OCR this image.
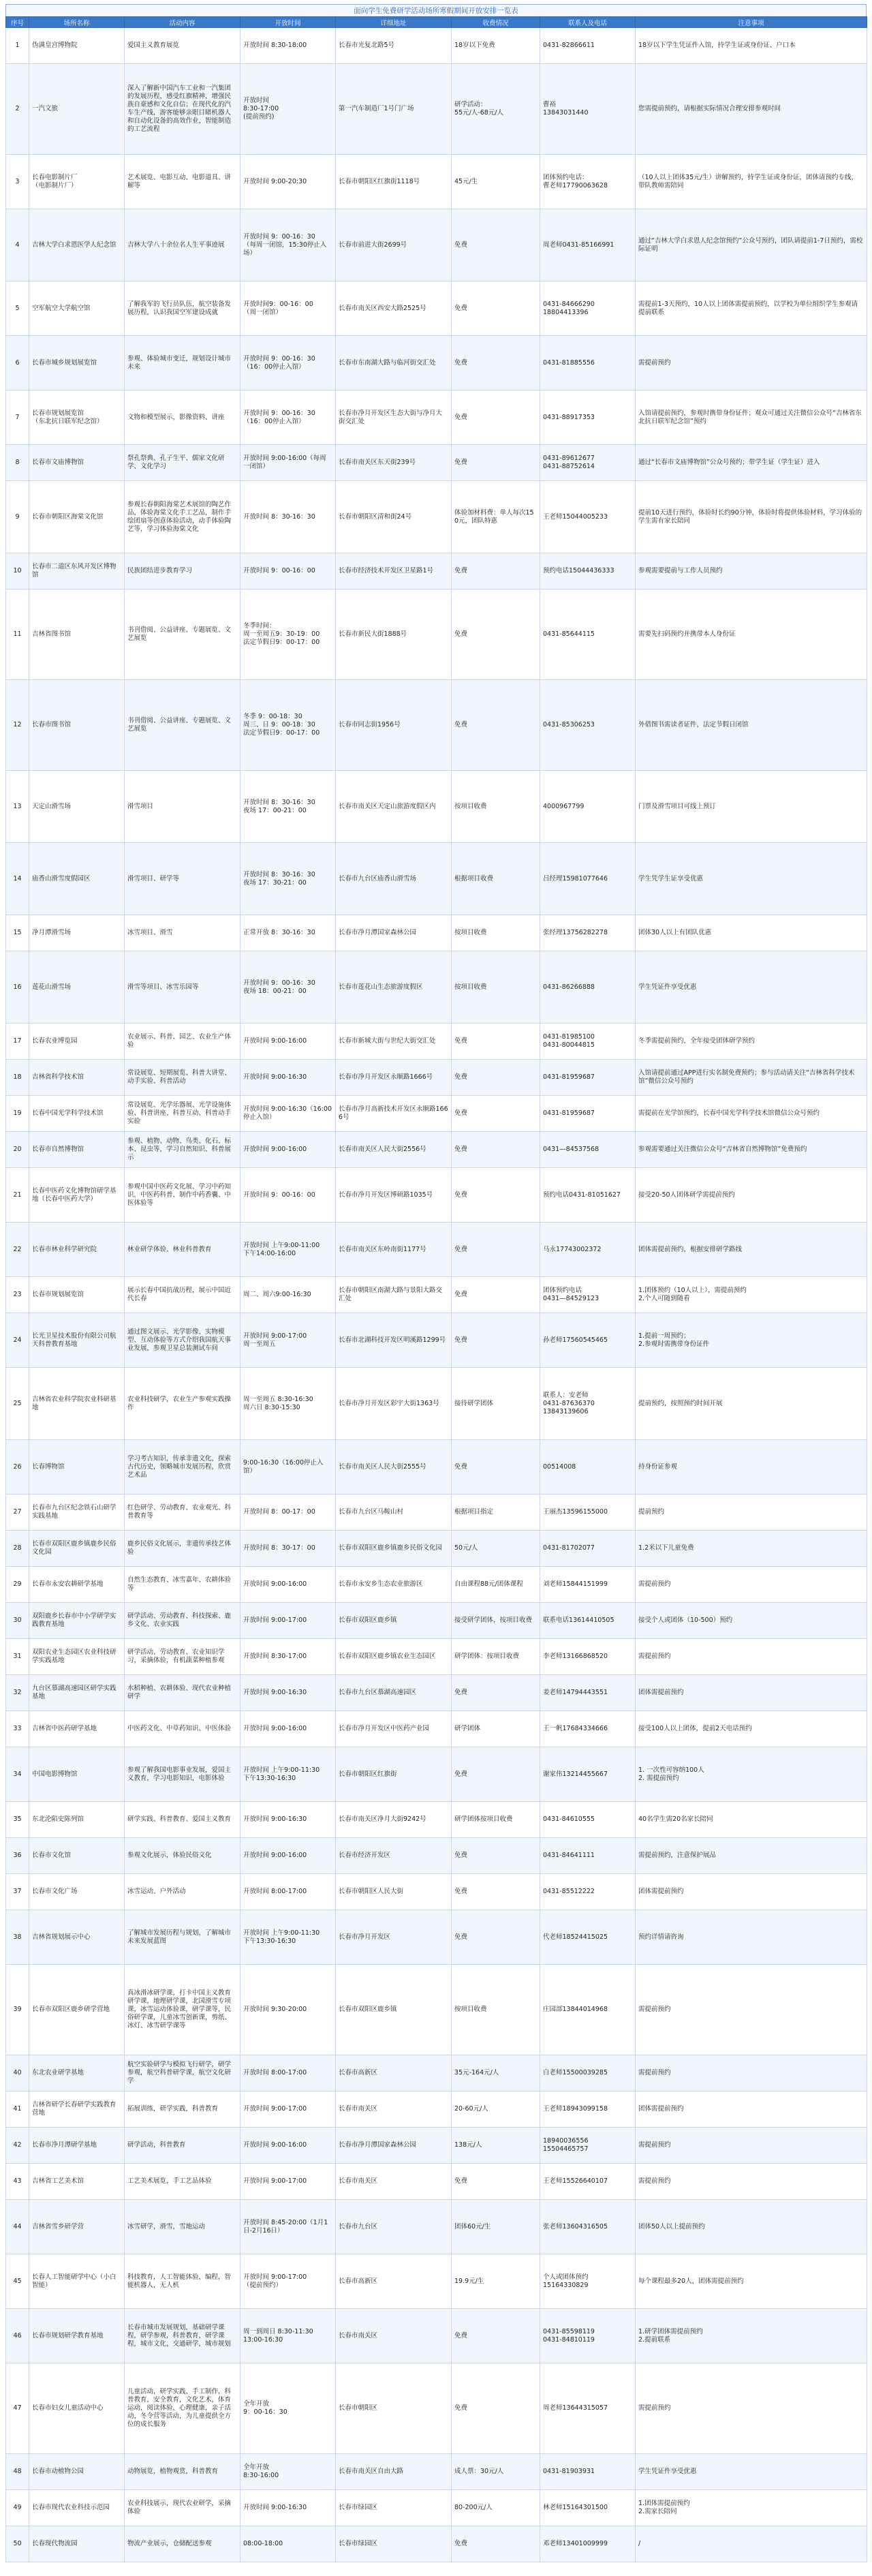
面向学生免费研学活动场所寒假期间开放安排一览表
序号	场所名称	活动内容	开放时间	详细地址	收费情况	联系人及电话	注意事项
1	伪满皇宫博物院	爱国主义教育展览	开放时间 8:30-18:00	长春市光复北路5号	18岁以下免费	0431-82866611	18岁以下学生凭证件入馆，持学生证或身份证、户口本
2	一汽文旅	深入了解新中国汽车工业和一汽集团的发展历程，感受红旗精神，增强民族自豪感和文化自信；在现代化的汽车生产线，游客能够亲眼目睹机器人和自动化设备的高效作业，智能制造的工艺流程	开放时间
8:30-17:00
(提前预约)	第一汽车制造厂1号门广场	研学活动：
55元/人-68元/人	曹裕
13843031440	您需提前预约，请根据实际情况合理安排参观时间
3	长春电影制片厂
（电影制片厂）	艺术展览、电影互动、电影道具、讲解等	开放时间 9:00-20:30	长春市朝阳区红旗街1118号	45元/生	团体预约电话：
曹老师17790063628	（10人以上团体35元/生）讲解预约，持学生证或身份证，团体请预约专线，带队教师需陪同
4	吉林大学白求恩医学人纪念馆	吉林大学八十余位名人生平事迹展	开放时间 9：00-16：30
（每周一闭馆，15:30停止入场）	长春市前进大街2699号	免费	周老师0431-85166991	通过“吉林大学白求恩人纪念馆预约”公众号预约，团队请提前1-7日预约，需校际证明
5	空军航空大学航空馆	了解我军的飞行员队伍，航空装备发展历程，认识我国空军建设成就	开放时间9：00-16：00
（周一闭馆）	长春市南关区西安大路2525号	免费	0431-84666290
18804413396	需提前1-3天预约，10人以上团体需提前预约，以学校为单位组织学生参观请提前联系
6	长春市城乡规划展览馆	参观、体验城市变迁，规划设计城市未来	开放时间 9：00-16：30
（16：00停止入馆）	长春市东南湖大路与临河街交汇处	免费	0431-81885556	需提前预约
7	长春市规划展览馆
（东北抗日联军纪念馆）	文物和模型展示，影像资料、讲座	开放时间 9：00-16：30
（16：00停止入馆）	长春市净月开发区生态大街与净月大街交汇处	免费	0431-88917353	入馆请提前预约，参观时携带身份证件；观众可通过关注微信公众号“吉林省东北抗日联军纪念馆”预约
8	长春市文庙博物馆	祭孔祭典、孔子生平、儒家文化研学、文化学习	开放时间 9:00-16:00（每周一闭馆）	长春市南关区东天街239号	免费	0431-89612677
0431-88752614	通过“长春市文庙博物馆”公众号预约；带学生证（学生证）进入
9	长春市朝阳区海棠文化馆	参观长春朝阳海棠艺术展馆的陶艺作品，体验海棠文化手工艺品，制作手绘团扇等创意体验活动，动手体验陶艺等，学习体验海棠文化	开放时间 8：30-16：30	长春市朝阳区清和街24号	体验加材料费：单人每次150元，团队特惠	王老师15044005233	提前10天进行预约，体验时长约90分钟，体验时将提供体验材料，学习体验的学生需有家长陪同
10	长春市二道区东风开发区博物馆	民族团结进步教育学习	开放时间 9：00-16：00	长春市经济技术开发区卫星路1号	免费	预约电话15044436333	参观需要提前与工作人员预约
11	吉林省图书馆	书刊借阅、公益讲座、专题展览、文艺展览	冬季时间：
周一至周五9：30-19：00
法定节假日9：00-17：00	长春市新民大街1888号	免费	0431-85644115	需要先扫码预约并携带本人身份证
12	长春市图书馆	书刊借阅、公益讲座、专题展览、文艺展览	冬季 9：00-18：30
周三、日 9：00-18：30
法定节假日9：00-17：00	长春市同志街1956号	免费	0431-85306253	外借图书需读者证件，法定节假日闭馆
13	天定山滑雪场	滑雪项目	开放时间 8：30-16：30
夜场 17：00-21：00	长春市南关区天定山旅游度假区内	按项目收费	4000967799	门票及滑雪项目可线上预订
14	庙香山滑雪度假园区	滑雪项目、研学等	开放时间 8：30-16：30
夜场 17：30-21：00	长春市九台区庙香山滑雪场	根据项目收费	吕经理15981077646	学生凭学生证享受优惠
15	净月潭滑雪场	冰雪项目、滑雪	正常开放 8：30-16：30	长春市净月潭国家森林公园	按项目收费	张经理13756282278	团体30人以上有团队优惠
16	莲花山滑雪场	滑雪等项目、冰雪乐园等	开放时间 9：00-16：30
夜场 18：00-21：00	长春市莲花山生态旅游度假区	按项目收费	0431-86266888	学生凭证件享受优惠
17	长春农业博览园	农业展示、科普、园艺、农业生产体验	开放时间 9:00-16:00	长春市新城大街与世纪大街交汇处	免费	0431-81985100
0431-80044815	冬季需提前预约，全年接受团体研学预约
18	吉林省科学技术馆	常设展览、短期展览、科普大讲堂、动手实验、科普活动	开放时间 9:00-16:30	长春市净月开发区永顺路1666号	免费	0431-81959687	入馆请提前通过APP进行实名制免费预约；参与活动请关注“吉林省科学技术馆”微信公众号预约
19	长春中国光学科学技术馆	常设展览、光学乐器展、光学设施体验、科普讲座、科普互动、科普动手实验	开放时间 9:00-16:30（16:00停止入馆）	长春市净月高新技术开发区永顺路1666号	免费	0431-81959687	需提前在光学馆预约，长春中国光学科学技术馆微信公众号预约
20	长春市自然博物馆	参观、植物、动物、鸟类、化石、标本、昆虫等，学习自然知识、科普展示	开放时间 9:00-16:00	长春市南关区人民大街2556号	免费	0431—84537568	参观需要通过关注微信公众号“吉林省自然博物馆”免费预约
21	长春中医药文化博物馆研学基地（长春中医药大学）	参观中国中医药文化展、学习中药知识，中医药科普、制作中药香囊、中医体验等	开放时间 9：00-16：00	长春市净月开发区博硕路1035号	免费	预约电话0431-81051627	接受20-50人团体研学需提前预约
22	长春市林业科学研究院	林业研学体验、林业科普教育	开放时间 上午9:00-11:00
下午14:00-16:00	长春市南关区东岭南街1177号	免费	马永17743002372	团体需提前预约，根据安排研学路线
23	长春市规划展览馆	展示长春中国抗战历程，展示中国近代长春	周二、周六9:00-16:30	长春市朝阳区南湖大路与景阳大路交汇处	免费	团体预约电话
0431—84529123	1.团体预约（10人以上），需提前预约
2.个人可随到随看
24	长光卫星技术股份有限公司航天科普教育基地	通过图文展示、光学影像、实物模型、互动体验等方式介绍我国航天事业发展，参观卫星总装测试车间	开放时间 9:00-17:00
周一至周五	长春市北湖科技开发区明溪路1299号	免费	孙老师17560545465	1.提前一周预约；
2.参观时需携带身份证件
25	吉林省农业科学院农业科研基地	农业科技研学，农业生产参观实践操作	周一至周五 8:30-16:30
周六日 8:30-15:30	长春市净月开发区彩宇大街1363号	接待研学团体	联系人：安老师
0431-87636370
13843139606	提前预约，按照预约时间开展
26	长春博物馆	学习考古知识，传承非遗文化，探索古代历史，领略城市发展历程，欣赏艺术品	9:00-16:30（16:00停止入馆）	长春市南关区人民大街2555号	免费	00514008	持身份证参观
27	长春市九台区纪念铁石山研学实践基地	红色研学、劳动教育、农业观光、科普教育等	开放时间 8：00-17：00	长春市九台区马鞍山村	根据项目指定	王丽杰13596155000	提前预约
28	长春市双阳区鹿乡镇鹿乡民俗文化园	鹿乡民俗文化展示，非遗传承技艺体验	开放时间 8：30-17：00	长春市双阳区鹿乡镇鹿乡民俗文化园	50元/人	0431-81702077	1.2米以下儿童免费
29	长春市永安农耕研学基地	自然生态教育、冰雪嘉年、农耕体验等	开放时间 9:00-16:00	长春市永安乡生态农业旅游区	自由课程88元/团体课程	刘老师15844151999	需提前预约
30	双阳鹿乡长春市中小学研学实践教育基地	研学活动、劳动教育、科技探索、鹿乡文化、农业实践	开放时间 9:00-17:00	长春市双阳区鹿乡镇	接受研学团体，按项目收费	联系电话13614410505	接受个人或团体（10-500）预约
31	双阳农业生态园区农业科技研学实践基地	研学活动、劳动教育、农业知识学习，采摘体验，有机蔬菜种植参观	开放时间 8:30-17:00	长春市双阳区鹿乡镇农业生态园区	研学团体：按项目收费	李老师13166868520	需提前预约
32	九台区慕湖高速园区研学实践基地	水稻种植、农耕体验、现代农业种植研学	开放时间 9:00-16:30	长春市九台区慕湖高速园区	免费	姜老师14794443551	团体需提前预约
33	吉林省中医药研学基地	中医药文化、中草药知识、中医体验	开放时间 9:00-16:00	长春市净月开发区中医药产业园	研学团体	王一帆17684334666	接受100人以上团体，提前2天电话预约
34	中国电影博物馆	参观了解我国电影事业发展，爱国主义教育，学习电影知识，电影体验	开放时间 上午9:00-11:30
下午13:30-16:30	长春市朝阳区红旗街	免费	谢家伟13214455667	1. 一次性可容纳100人
2. 需提前预约
35	东北沦陷史陈列馆	研学实践、科普教育、爱国主义教育	开放时间 9:00-16:30	长春市南关区净月大街9242号	研学团体按项目收费	0431-84610555	40名学生需20名家长陪同
36	长春市文化馆	参观文化展示，体验民俗文化	开放时间 9:00-16:00	长春市经济开发区	免费	0431-84641111	需提前预约，注意保护展品
37	长春市文化广场	冰雪运动、户外活动	开放时间 8:00-17:00	长春市朝阳区人民大街	免费	0431-85512222	团体需提前预约
38	吉林省规划展示中心	了解城市发展历程与规划，了解城市未来发展蓝图	开放时间 上午9:00-11:30
下午13:30-16:30	长春市净月开发区	免费	代老师18524415025	预约详情请咨询
39	长春市双阳区鹿乡研学营地	真冰滑冰研学课，打卡中国主义教育研学课，地理研学课，北国滑雪专项课，冰雪运动体验课，研学课等，民俗研学课，儿童冰雪创新课，剪纸、冰灯、冰雪研学课等	开放时间 9:30-20:00	长春市双阳区鹿乡镇	按项目收费	庄园部13844014968	需提前预约
40	东北农业研学基地	航空实验研学与模拟飞行研学，研学参观，航空科普研学课，航空文化研学	开放时间 8:00-17:00	长春市高新区	35元-164元/人	白老师15500039285	需提前预约
41	吉林省研学长春研学实践教育营地	拓展训练，研学实践，科普教育	开放时间 9:00-17:00	长春市南关区	20-60元/人	王老师18943099158	团体需提前预约
42	长春市净月潭研学基地	研学活动，科普教育	开放时间 9:00-16:00	长春市净月潭国家森林公园	138元/人	18940036556
15504465757	需提前预约
43	吉林省工艺美术馆	工艺美术展览，手工艺品体验	开放时间 9:00-17:00	长春市南关区	免费	王老师15526640107	需提前预约
44	吉林省雪乡研学营	冰雪研学，滑雪，雪地运动	开放时间 8:45-20:00（1月1日-2月16日）	长春市九台区	团体60元/生	张老师13604316505	团体50人以上提前预约
45	长春人工智能研学中心（小白智能）	科技教育，人工智能体验，编程，智能机器人，无人机	开放时间 9:00-17:00
（提前预约）	长春市高新区	19.9元/生	个人或团体预约
15164330829	每个课程最多20人，团体需提前预约
46	长春市规划研学教育基地	长春市城市发展规划，基础研学课程，研学参观，科普教育，研学课程，城市文化，交通研学，城市规划	周一到周日 8:30-11:30
13:00-16:30	长春市南关区	免费	0431-85598119
0431-84810119	1.研学团体需提前预约
2.提前联系
47	长春市妇女儿童活动中心	儿童活动，研学实践，手工制作，科普教育，安全教育，文化艺术，体育运动，阅读体验，心理健康，亲子活动，冬令营等活动，为儿童提供全方位的成长服务	全年开放
9：00-16：30	长春市朝阳区	免费	周老师13644315057	需提前预约
48	长春市动植物公园	动物展览，植物观赏，科普教育	全年开放
8:30-16:00	长春市南关区自由大路	成人票：30元/人	0431-81903931	学生凭证件享受优惠
49	长春市现代农业科技示范园	农业科技展示，现代农业研学，采摘体验	开放时间 9:00-16:30	长春市绿园区	80-200元/人	林老师15164301500	1.团体需提前预约
2.需家长陪同
50	长春现代物流园	物流产业展示，仓储配送参观	08:00-18:00	长春市绿园区	免费	邓老师13401009999	/
